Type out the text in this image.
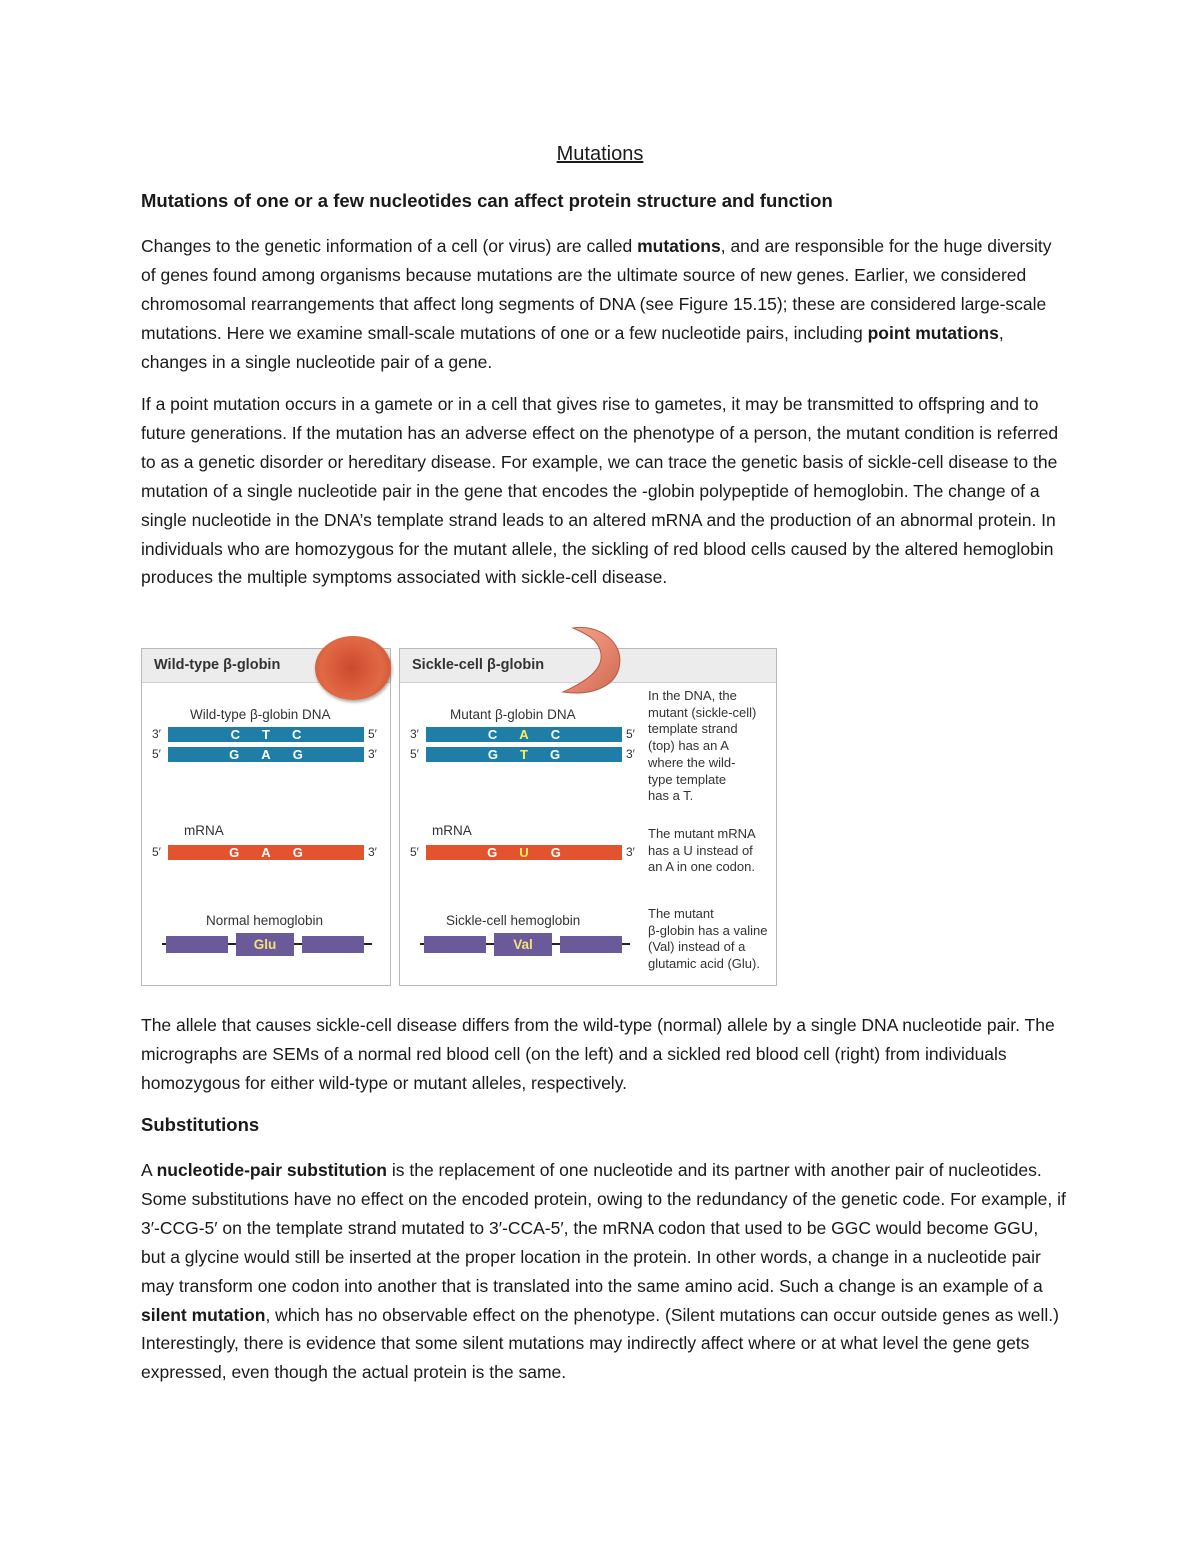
Mutations
Mutations of one or a few nucleotides can affect protein structure and function

Changes to the genetic information of a cell (or virus) are called mutations, and are responsible for the huge diversity of genes found among organisms because mutations are the ultimate source of new genes. Earlier, we considered chromosomal rearrangements that affect long segments of DNA (see Figure 15.15); these are considered large-scale mutations. Here we examine small-scale mutations of one or a few nucleotide pairs, including point mutations, changes in a single nucleotide pair of a gene.

If a point mutation occurs in a gamete or in a cell that gives rise to gametes, it may be transmitted to offspring and to future generations. If the mutation has an adverse effect on the phenotype of a person, the mutant condition is referred to as a genetic disorder or hereditary disease. For example, we can trace the genetic basis of sickle-cell disease to the mutation of a single nucleotide pair in the gene that encodes the -globin polypeptide of hemoglobin. The change of a single nucleotide in the DNA’s template strand leads to an altered mRNA and the production of an abnormal protein. In individuals who are homozygous for the mutant allele, the sickling of red blood cells caused by the altered hemoglobin produces the multiple symptoms associated with sickle-cell disease.

Wild-type β-globin
Wild-type β-globin DNA
3′	C T C	5′
5′	G A G	3′
mRNA
5′	G A G	3′
Normal hemoglobin
Glu
Sickle-cell β-globin
Mutant β-globin DNA
3′	C A C	5′
5′	G T G	3′
mRNA
5′	G U G	3′
Sickle-cell hemoglobin
Val

In the DNA, the

mutant (sickle-cell)

template strand

(top) has an A

where the wild-

type template

has a T.

The mutant mRNA

has a U instead of

an A in one codon.

The mutant

β-globin has a valine

(Val) instead of a

glutamic acid (Glu).

The allele that causes sickle-cell disease differs from the wild-type (normal) allele by a single DNA nucleotide pair. The micrographs are SEMs of a normal red blood cell (on the left) and a sickled red blood cell (right) from individuals homozygous for either wild-type or mutant alleles, respectively.

Substitutions

A nucleotide-pair substitution is the replacement of one nucleotide and its partner with another pair of nucleotides. Some substitutions have no effect on the encoded protein, owing to the redundancy of the genetic code. For example, if 3′-CCG-5′ on the template strand mutated to 3′-CCA-5′, the mRNA codon that used to be GGC would become GGU, but a glycine would still be inserted at the proper location in the protein. In other words, a change in a nucleotide pair may transform one codon into another that is translated into the same amino acid. Such a change is an example of a silent mutation, which has no observable effect on the phenotype. (Silent mutations can occur outside genes as well.) Interestingly, there is evidence that some silent mutations may indirectly affect where or at what level the gene gets expressed, even though the actual protein is the same.
